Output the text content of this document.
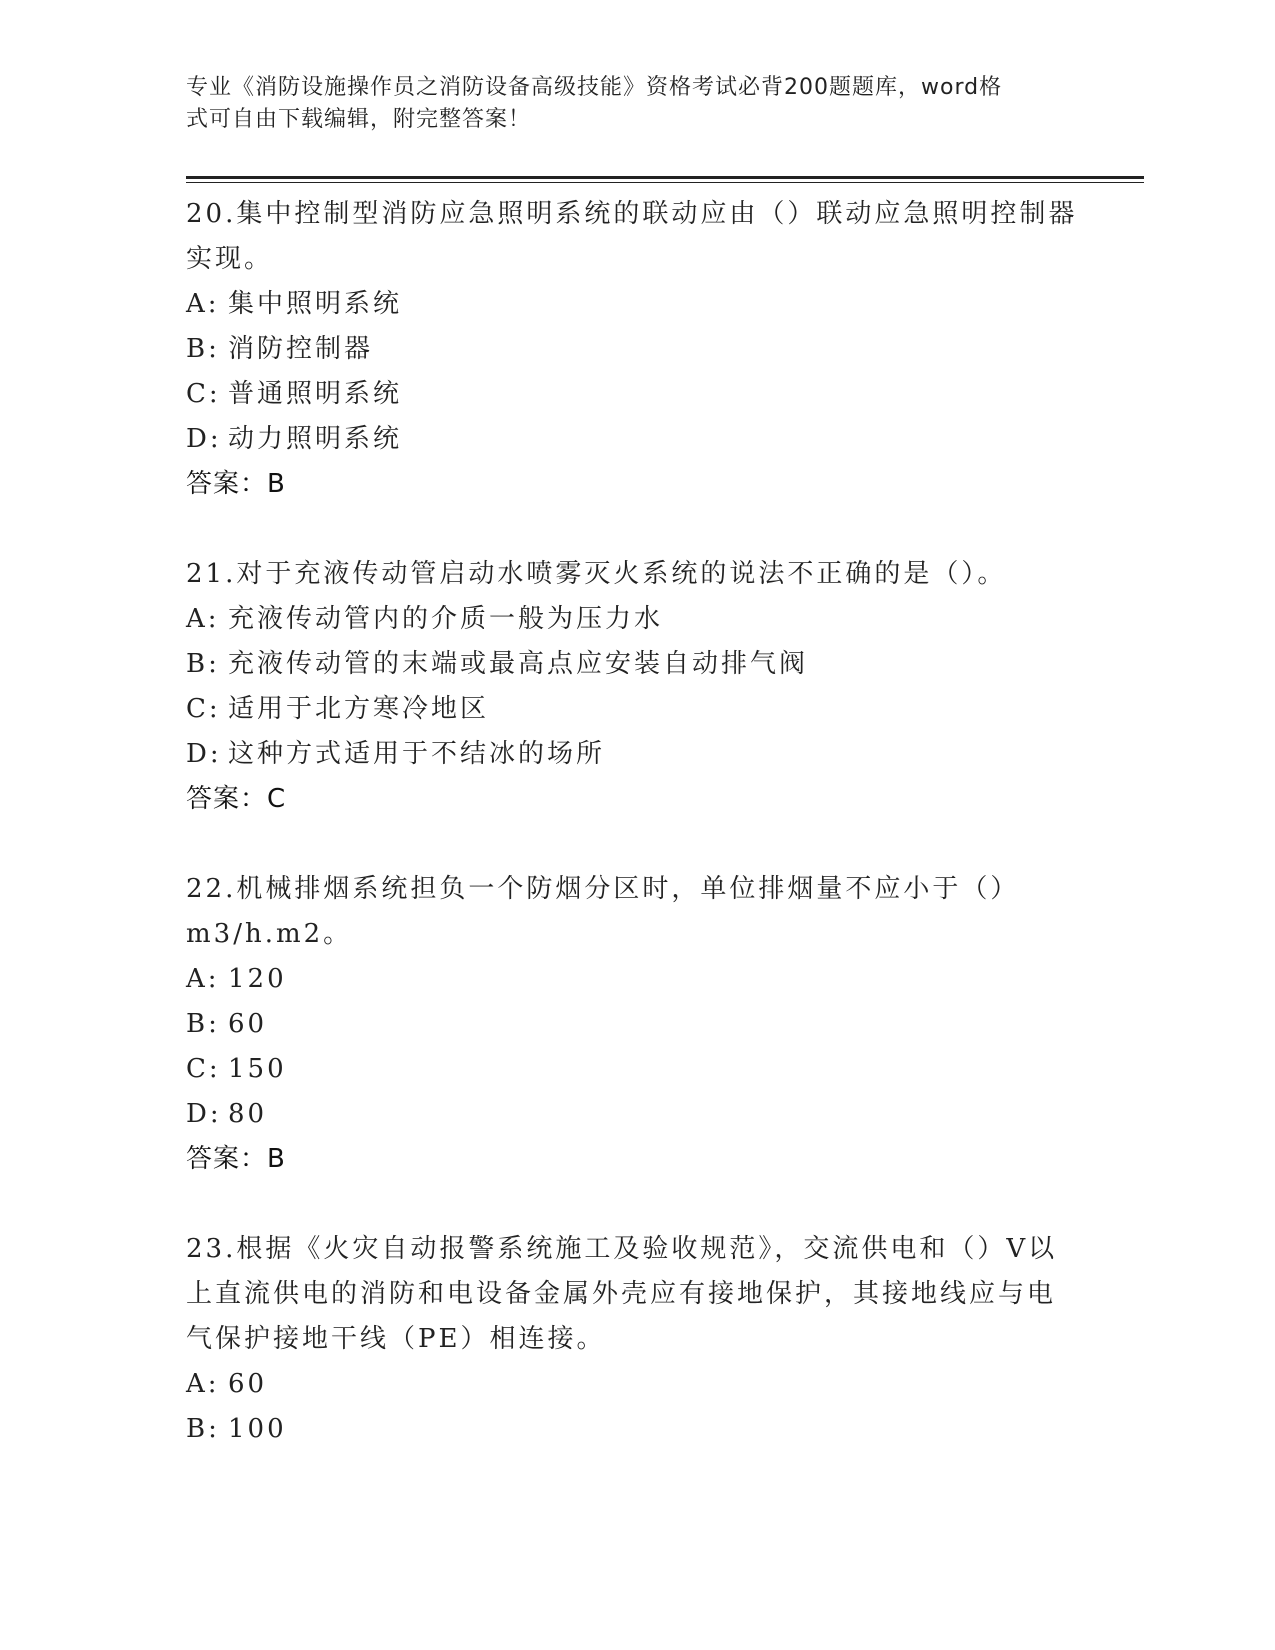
专业《消防设施操作员之消防设备高级技能》资格考试必背200题题库，word格
式可自由下载编辑，附完整答案！
20.集中控制型消防应急照明系统的联动应由（）联动应急照明控制器
实现。
A: 集中照明系统
B: 消防控制器
C: 普通照明系统
D: 动力照明系统
答案：B
21.对于充液传动管启动水喷雾灭火系统的说法不正确的是（）。
A: 充液传动管内的介质一般为压力水
B: 充液传动管的末端或最高点应安装自动排气阀
C: 适用于北方寒冷地区
D: 这种方式适用于不结冰的场所
答案：C
22.机械排烟系统担负一个防烟分区时，单位排烟量不应小于（）
m3/h.m2。
A: 120
B: 60
C: 150
D: 80
答案：B
23.根据《火灾自动报警系统施工及验收规范》，交流供电和（）V以
上直流供电的消防和电设备金属外壳应有接地保护，其接地线应与电
气保护接地干线（PE）相连接。
A: 60
B: 100
